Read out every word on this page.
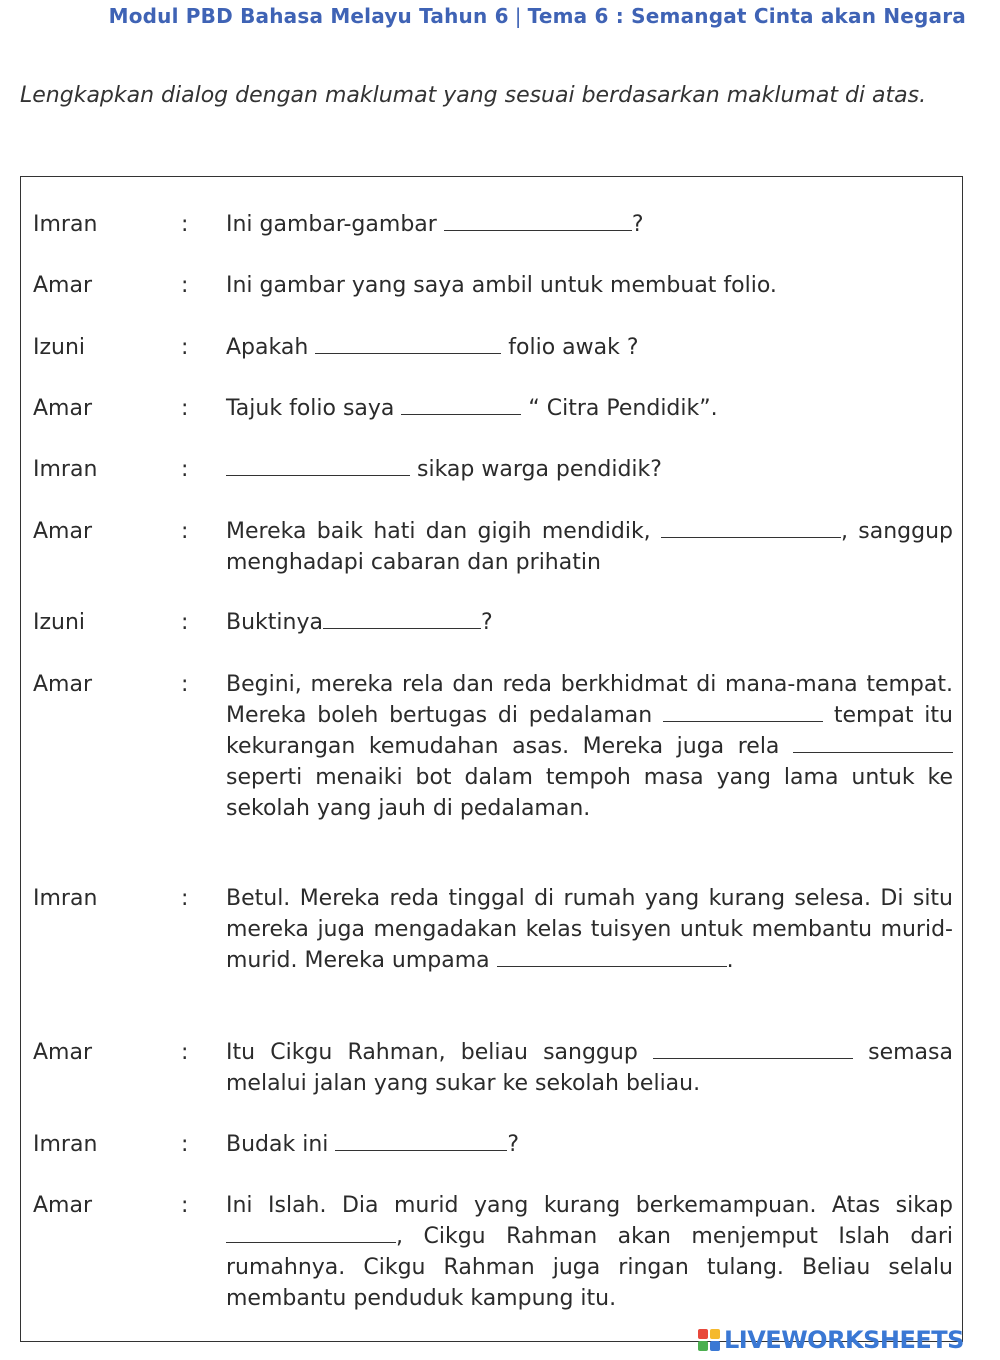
Modul PBD Bahasa Melayu Tahun 6 | Tema 6 : Semangat Cinta akan Negara
Lengkapkan dialog dengan maklumat yang sesuai berdasarkan maklumat di atas.
Imran	: Ini gambar-gambar	?
Amar	: Ini gambar yang saya ambil untuk membuat folio.
Izuni	: Apakah	folio awak ?
Amar	: Tajuk folio saya	“ Citra Pendidik”.
Imran	:	sikap warga pendidik?
Amar	: Mereka baik hati dan gigih mendidik,	, sanggup menghadapi cabaran dan prihatin
Izuni	: Buktinya	?
Amar	: Begini, mereka rela dan reda berkhidmat di mana-mana tempat. Mereka boleh bertugas di pedalaman	tempat itu kekurangan kemudahan asas. Mereka juga rela  seperti menaiki bot dalam tempoh masa yang lama untuk ke sekolah yang jauh di pedalaman.
Imran	: Betul. Mereka reda tinggal di rumah yang kurang selesa. Di situ mereka juga mengadakan kelas tuisyen untuk membantu murid-murid. Mereka umpama	.
Amar	: Itu Cikgu Rahman, beliau sanggup	semasa melalui jalan yang sukar ke sekolah beliau.
Imran	: Budak ini	?
Amar	: Ini Islah. Dia murid yang kurang berkemampuan. Atas sikap , Cikgu Rahman akan menjemput Islah dari rumahnya. Cikgu Rahman juga ringan tulang. Beliau selalu membantu penduduk kampung itu.
LIVEWORKSHEETS
